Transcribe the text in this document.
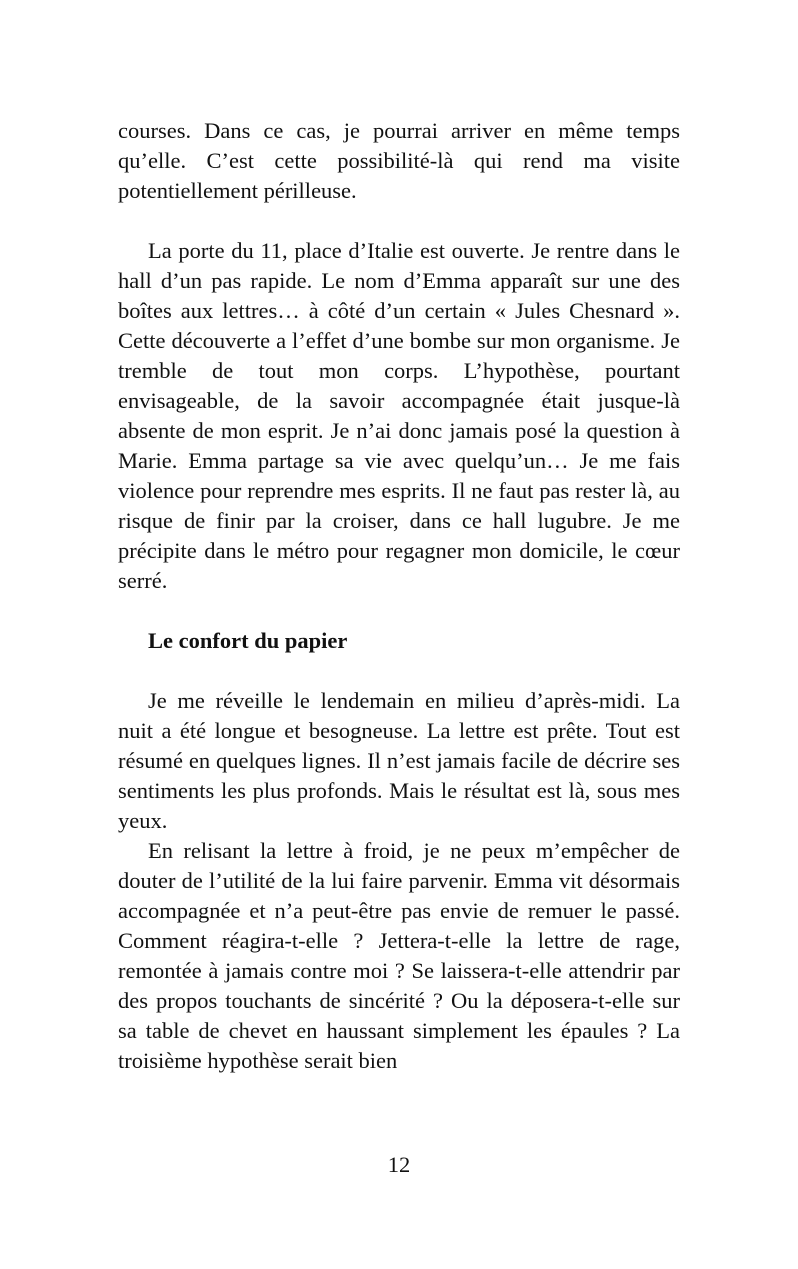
courses. Dans ce cas, je pourrai arriver en même temps qu’elle. C’est cette possibilité-là qui rend ma visite potentiellement périlleuse.

La porte du 11, place d’Italie est ouverte. Je rentre dans le hall d’un pas rapide. Le nom d’Emma apparaît sur une des boîtes aux lettres… à côté d’un certain « Jules Chesnard ». Cette découverte a l’effet d’une bombe sur mon organisme. Je tremble de tout mon corps. L’hypothèse, pourtant envisageable, de la savoir accompagnée était jusque-là absente de mon esprit. Je n’ai donc jamais posé la question à Marie. Emma partage sa vie avec quelqu’un… Je me fais violence pour reprendre mes esprits. Il ne faut pas rester là, au risque de finir par la croiser, dans ce hall lugubre. Je me précipite dans le métro pour regagner mon domicile, le cœur serré.

Le confort du papier

Je me réveille le lendemain en milieu d’après-midi. La nuit a été longue et besogneuse. La lettre est prête. Tout est résumé en quelques lignes. Il n’est jamais facile de décrire ses sentiments les plus profonds. Mais le résultat est là, sous mes yeux.

En relisant la lettre à froid, je ne peux m’empêcher de douter de l’utilité de la lui faire parvenir. Emma vit désormais accompagnée et n’a peut-être pas envie de remuer le passé. Comment réagira-t-elle ? Jettera-t-elle la lettre de rage, remontée à jamais contre moi ? Se laissera-t-elle attendrir par des propos touchants de sincérité ? Ou la déposera-t-elle sur sa table de chevet en haussant simplement les épaules ? La troisième hypothèse serait bien

12
